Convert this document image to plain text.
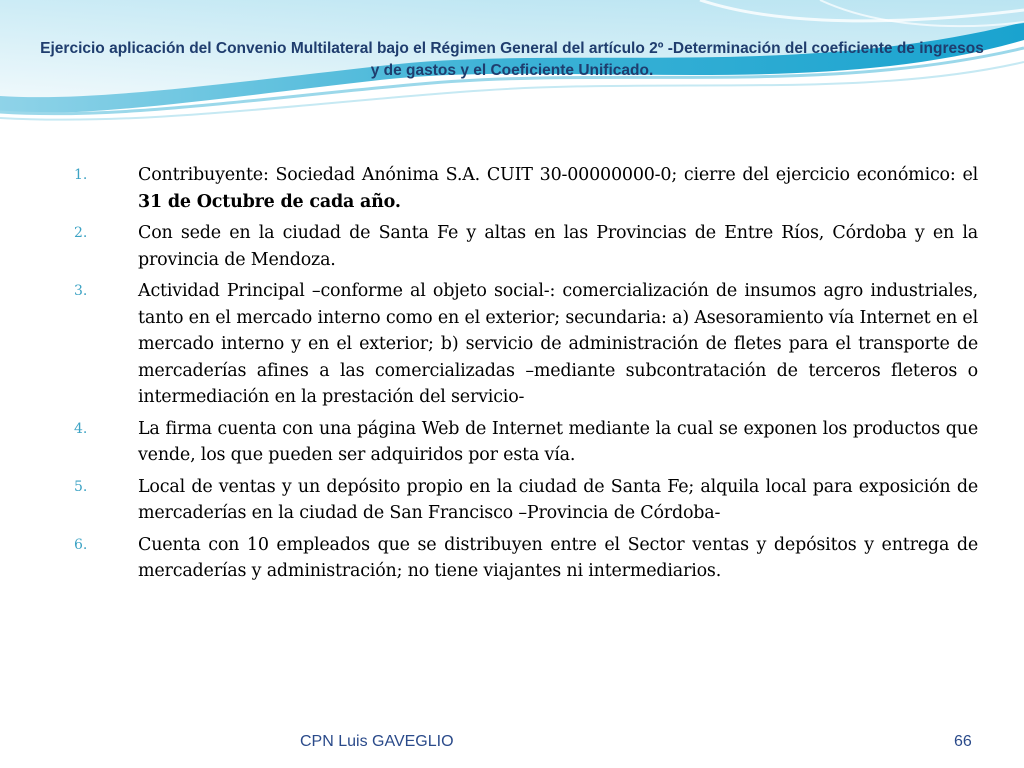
Ejercicio aplicación del Convenio Multilateral bajo el Régimen General del artículo 2º -Determinación del coeficiente de ingresos y de gastos y el Coeficiente Unificado.
1.	Contribuyente: Sociedad Anónima S.A. CUIT 30-00000000-0; cierre del ejercicio económico: el 31 de Octubre de cada año.
2.	Con sede en la ciudad de Santa Fe y altas en las Provincias de Entre Ríos, Córdoba y en la provincia de Mendoza.
3.	Actividad Principal –conforme al objeto social-: comercialización de insumos agro industriales, tanto en el mercado interno como en el exterior; secundaria: a) Asesoramiento vía Internet en el mercado interno y en el exterior; b) servicio de administración de fletes para el transporte de mercaderías afines a las comercializadas –mediante subcontratación de terceros fleteros o intermediación en la prestación del servicio-
4.	La firma cuenta con una página Web de Internet mediante la cual se exponen los productos que vende, los que pueden ser adquiridos por esta vía.
5.	Local de ventas y un depósito propio en la ciudad de Santa Fe; alquila local para exposición de mercaderías en la ciudad de San Francisco –Provincia de Córdoba-
6.	Cuenta con 10 empleados que se distribuyen entre el Sector ventas y depósitos y entrega de mercaderías y administración; no tiene viajantes ni intermediarios.
CPN Luis GAVEGLIO	66
